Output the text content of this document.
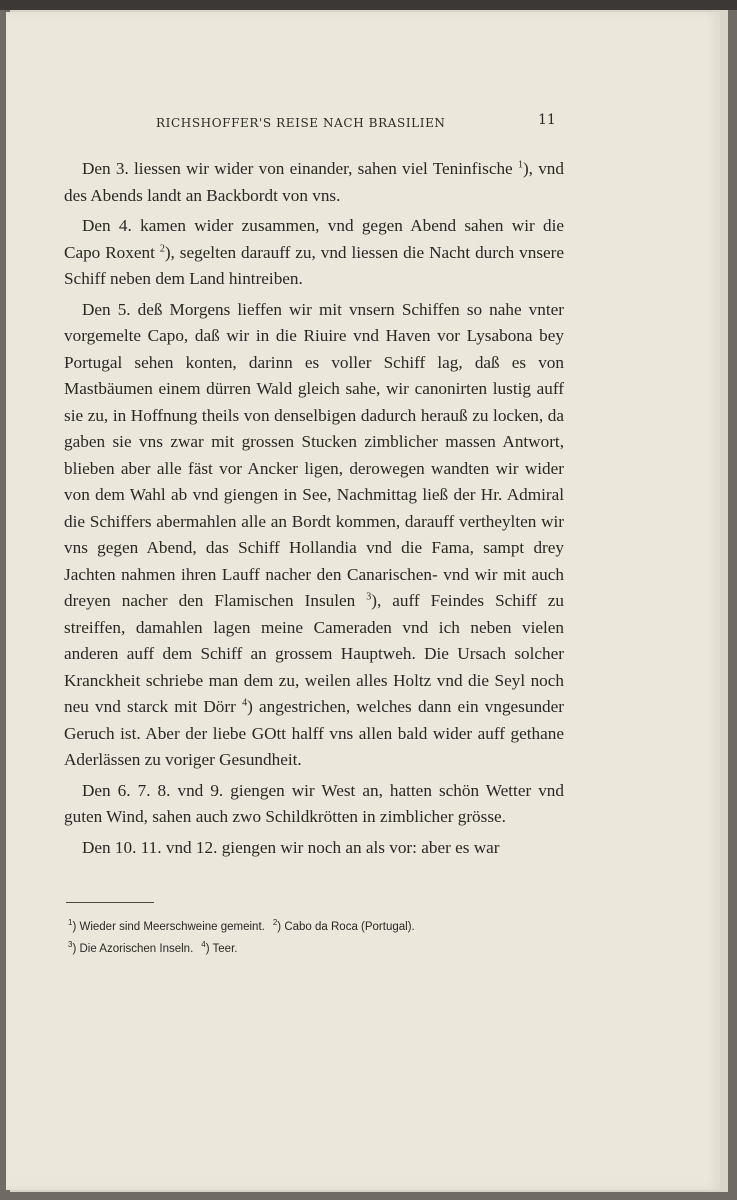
RICHSHOFFER'S REISE NACH BRASILIEN	11

Den 3. liessen wir wider von einander, sahen viel Teninfische $^1$), vnd des Abends landt an Backbordt von vns.

Den 4. kamen wider zusammen, vnd gegen Abend sahen wir die Capo Roxent $^2$), segelten darauff zu, vnd liessen die Nacht durch vnsere Schiff neben dem Land hintreiben.

Den 5. deß Morgens lieffen wir mit vnsern Schiffen so nahe vnter vorgemelte Capo, daß wir in die Riuire vnd Haven vor Lysabona bey Portugal sehen konten, darinn es voller Schiff lag, daß es von Mastbäumen einem dürren Wald gleich sahe, wir canonirten lustig auff sie zu, in Hoffnung theils von denselbigen dadurch herauß zu locken, da gaben sie vns zwar mit grossen Stucken zimblicher massen Antwort, blieben aber alle fäst vor Ancker ligen, derowegen wandten wir wider von dem Wahl ab vnd giengen in See, Nachmittag ließ der Hr. Admiral die Schiffers abermahlen alle an Bordt kommen, darauff vertheylten wir vns gegen Abend, das Schiff Hollandia vnd die Fama, sampt drey Jachten nahmen ihren Lauff nacher den Canarischen- vnd wir mit auch dreyen nacher den Flamischen Insulen $^3$), auff Feindes Schiff zu streiffen, damahlen lagen meine Cameraden vnd ich neben vielen anderen auff dem Schiff an grossem Hauptweh. Die Ursach solcher Kranckheit schriebe man dem zu, weilen alles Holtz vnd die Seyl noch neu vnd starck mit Dörr $^4$) angestrichen, welches dann ein vngesunder Geruch ist. Aber der liebe GOtt halff vns allen bald wider auff gethane Aderlässen zu voriger Gesundheit.

Den 6. 7. 8. vnd 9. giengen wir West an, hatten schön Wetter vnd guten Wind, sahen auch zwo Schildkrötten in zimblicher grösse.

Den 10. 11. vnd 12. giengen wir noch an als vor: aber es war

$^1$) Wieder sind Meerschweine gemeint. $^2$) Cabo da Roca (Portugal).
$^3$) Die Azorischen Inseln. $^4$) Teer.
